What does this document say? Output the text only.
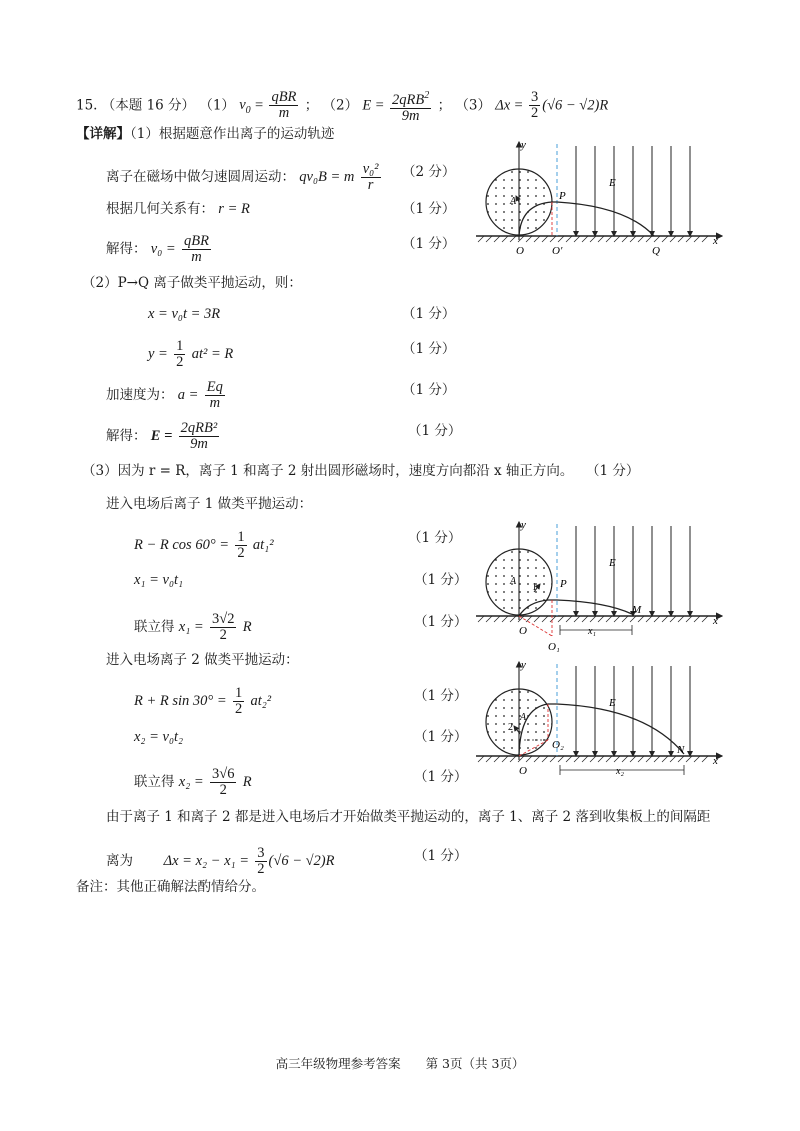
15. （本题 16 分） （1） $v_0 = \frac{\text{qBR}}{m}$ ； （2） $E = \frac{2qRB^2}{9m}$ ； （3） $\Delta x = \frac{3}{2} (√6 - √2)R$
【详解】（1）根据题意作出离子的运动轨迹
离子在磁场中做匀速圆周运动： qv₀B = m $\frac{\text{v₀²}}{r} (2$ 分）
根据几何关系有： r = R	（1 分）
解得： $v_0 = \frac{\text{qBR}}{m}$	（1 分）
（2）P→Q 离子做类平抛运动，则：
x = v₀t = 3R	（1 分）
$y = \frac{1}{2} at^2 = R$	（1 分）
加速度为： $a = \frac{Eq}{m}$	（1 分）
解得： $E = \frac{\text{2qRB²}}{9m}$	（1 分）
（3）因为 r = R，离子 1 和离子 2 射出圆形磁场时，速度方向都沿 x 轴正方向。 （1 分）
进入电场后离子 1 做类平抛运动：
R − R $\cos 60^\circ = \frac{1}{2} at_1^2$	（1 分）
x₁ = v₀t₁	（1 分）
联立得 $x_1 = \frac{3√2}{2}$ R	（1 分）
进入电场离子 2 做类平抛运动：
R + R $\sin 30^\circ = \frac{1}{2} at_2^2$	（1 分）
x₂ = v₀t₂	（1 分）
联立得 $x_2 = \frac{3√6}{2}$ R	（1 分）
由于离子 1 和离子 2 都是进入电场后才开始做类平抛运动的，离子 1、离子 2 落到收集板上的间隔距
离为 $\Delta x = x_2 - x_1 = \frac{3}{2} (√6 - √2)R$	（1 分）
备注：其他正确解法酌情给分。
O	O′
P
Q
E
y
x
A
O
O₁
P
M
E
x₁
y
x
A
1
O
O₂	N
E
x₂
y
x
A
2
高三年级物理参考答案　　第 3页（共 3页）
